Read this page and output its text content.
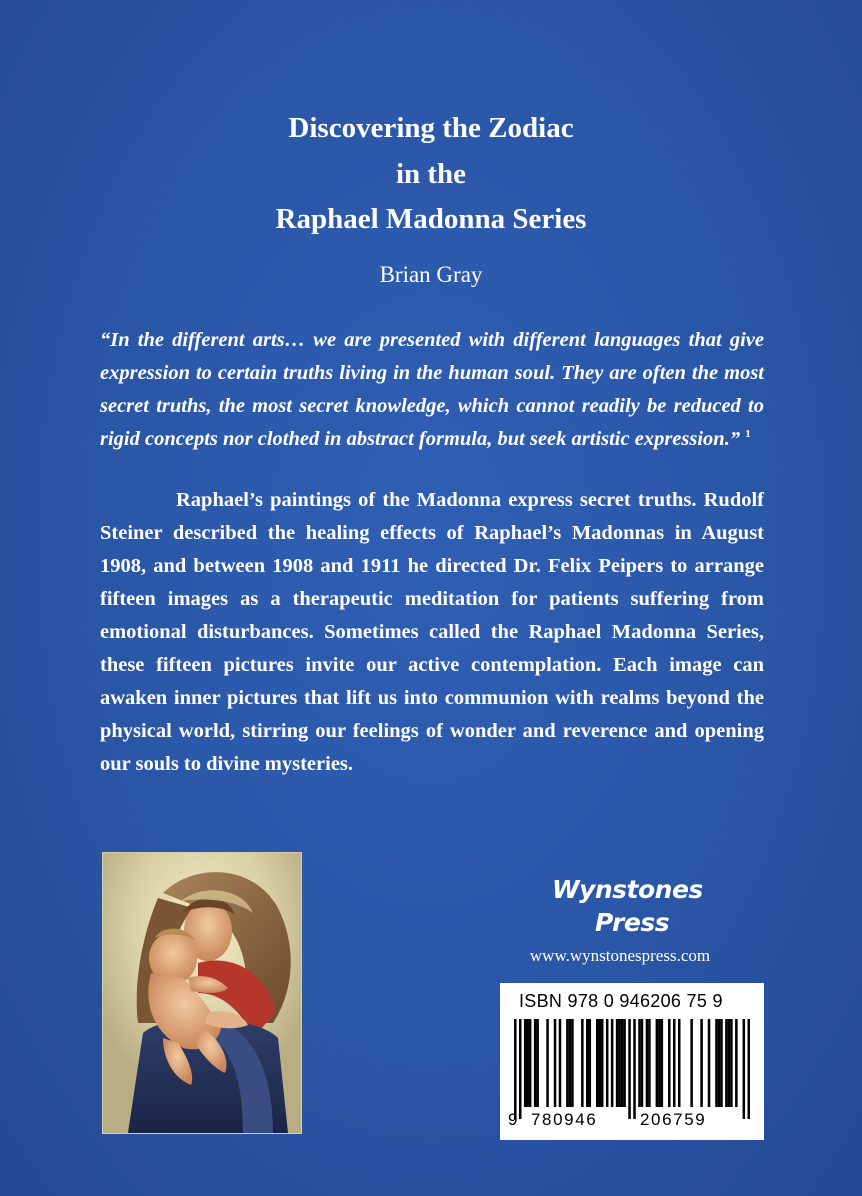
Discovering the Zodiac
in the
Raphael Madonna Series
Brian Gray
“In the different arts… we are presented with different languages that give expression to certain truths living in the human soul. They are often the most secret truths, the most secret knowledge, which cannot readily be reduced to rigid concepts nor clothed in abstract formula, but seek artistic expression.” $^1$
Raphael’s paintings of the Madonna express secret truths. Rudolf Steiner described the healing effects of Raphael’s Madonnas in August 1908, and between 1908 and 1911 he directed Dr. Felix Peipers to arrange fifteen images as a therapeutic meditation for patients suffering from emotional disturbances. Sometimes called the Raphael Madonna Series, these fifteen pictures invite our active contemplation. Each image can awaken inner pictures that lift us into communion with realms beyond the physical world, stirring our feelings of wonder and reverence and opening our souls to divine mysteries.
Wynstones
Press
www.wynstonespress.com
ISBN 978 0 946206 75 9
9 780946	206759
